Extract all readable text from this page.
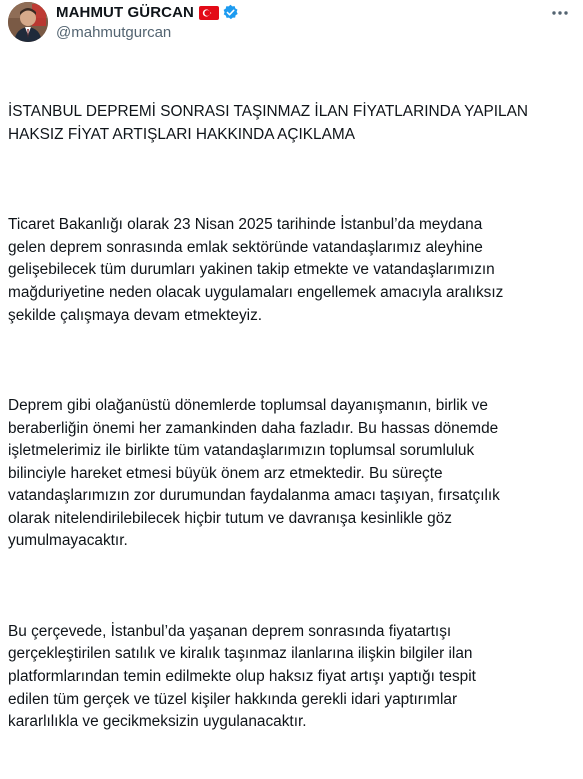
MAHMUT GÜRCAN
@mahmutgurcan

İSTANBUL DEPREMİ SONRASI TAŞINMAZ İLAN FİYATLARINDA YAPILAN
HAKSIZ FİYAT ARTIŞLARI HAKKINDA AÇIKLAMA

Ticaret Bakanlığı olarak 23 Nisan 2025 tarihinde İstanbul’da meydana
gelen deprem sonrasında emlak sektöründe vatandaşlarımız aleyhine
gelişebilecek tüm durumları yakinen takip etmekte ve vatandaşlarımızın
mağduriyetine neden olacak uygulamaları engellemek amacıyla aralıksız
şekilde çalışmaya devam etmekteyiz.

Deprem gibi olağanüstü dönemlerde toplumsal dayanışmanın, birlik ve
beraberliğin önemi her zamankinden daha fazladır. Bu hassas dönemde
işletmelerimiz ile birlikte tüm vatandaşlarımızın toplumsal sorumluluk
bilinciyle hareket etmesi büyük önem arz etmektedir. Bu süreçte
vatandaşlarımızın zor durumundan faydalanma amacı taşıyan, fırsatçılık
olarak nitelendirilebilecek hiçbir tutum ve davranışa kesinlikle göz
yumulmayacaktır.

Bu çerçevede, İstanbul’da yaşanan deprem sonrasında fiyatartışı
gerçekleştirilen satılık ve kiralık taşınmaz ilanlarına ilişkin bilgiler ilan
platformlarından temin edilmekte olup haksız fiyat artışı yaptığı tespit
edilen tüm gerçek ve tüzel kişiler hakkında gerekli idari yaptırımlar
kararlılıkla ve gecikmeksizin uygulanacaktır.
